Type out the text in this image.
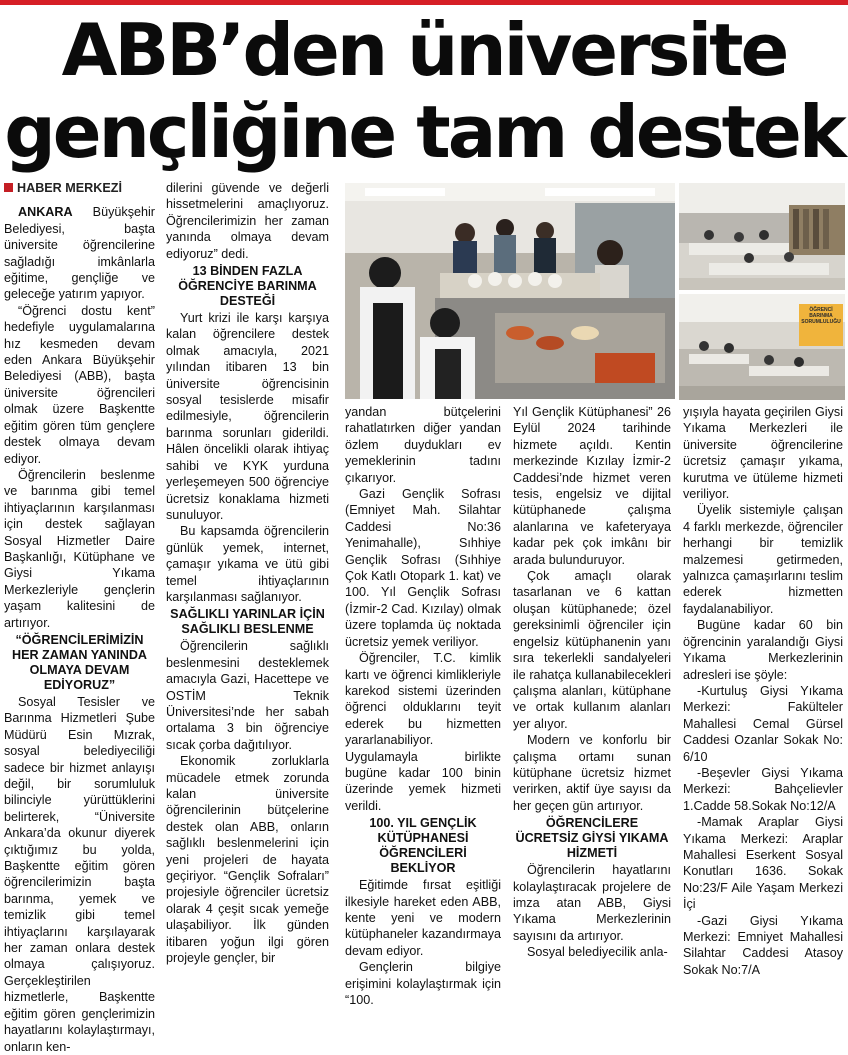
ABB’den üniversite
gençliğine tam destek
HABER MERKEZİ

ANKARA Büyükşehir Belediyesi, başta üniversite öğrencilerine sağladığı imkânlarla eğitime, gençliğe ve geleceğe yatırım yapıyor.

“Öğrenci dostu kent” hedefiyle uygulamalarına hız kesmeden devam eden Ankara Büyükşehir Belediyesi (ABB), başta üniversite öğrencileri olmak üzere Başkentte eğitim gören tüm gençlere destek olmaya devam ediyor.

Öğrencilerin beslenme ve barınma gibi temel ihtiyaçlarının karşılanması için destek sağlayan Sosyal Hizmetler Daire Başkanlığı, Kütüphane ve Giysi Yıkama Merkezleriyle gençlerin yaşam kalitesini de artırıyor.

“ÖĞRENCİLERİMİZİN HER ZAMAN YANINDA OLMAYA DEVAM EDİYORUZ”

Sosyal Tesisler ve Barınma Hizmetleri Şube Müdürü Esin Mızrak, sosyal belediyeciliği sadece bir hizmet anlayışı değil, bir sorumluluk bilinciyle yürüttüklerini belirterek, “Üniversite Ankara’da okunur diyerek çıktığımız bu yolda, Başkentte eğitim gören öğrencilerimizin başta barınma, yemek ve temizlik gibi temel ihtiyaçlarını karşılayarak her zaman onlara destek olmaya çalışıyoruz. Gerçekleştirilen hizmetlerle, Başkentte eğitim gören gençlerimizin hayatlarını kolaylaştırmayı, onların ken-

dilerini güvende ve değerli hissetmelerini amaçlıyoruz. Öğrencilerimizin her zaman yanında olmaya devam ediyoruz” dedi.

13 BİNDEN FAZLA ÖĞRENCİYE BARINMA DESTEĞİ

Yurt krizi ile karşı karşıya kalan öğrencilere destek olmak amacıyla, 2021 yılından itibaren 13 bin üniversite öğrencisinin sosyal tesislerde misafir edilmesiyle, öğrencilerin barınma sorunları giderildi. Hâlen öncelikli olarak ihtiyaç sahibi ve KYK yurduna yerleşemeyen 500 öğrenciye ücretsiz konaklama hizmeti sunuluyor.

Bu kapsamda öğrencilerin günlük yemek, internet, çamaşır yıkama ve ütü gibi temel ihtiyaçlarının karşılanması sağlanıyor.

SAĞLIKLI YARINLAR İÇİN SAĞLIKLI BESLENME

Öğrencilerin sağlıklı beslenmesini desteklemek amacıyla Gazi, Hacettepe ve OSTİM Teknik Üniversitesi’nde her sabah ortalama 3 bin öğrenciye sıcak çorba dağıtılıyor.

Ekonomik zorluklarla mücadele etmek zorunda kalan üniversite öğrencilerinin bütçelerine destek olan ABB, onların sağlıklı beslenmelerini için yeni projeleri de hayata geçiriyor. “Gençlik Sofraları” projesiyle öğrenciler ücretsiz olarak 4 çeşit sıcak yemeğe ulaşabiliyor. İlk günden itibaren yoğun ilgi gören projeyle gençler, bir

ÖĞRENCİ BARINMA SORUMLULUĞU

yandan bütçelerini rahatlatırken diğer yandan özlem duydukları ev yemeklerinin tadını çıkarıyor.

Gazi Gençlik Sofrası (Emniyet Mah. Silahtar Caddesi No:36 Yenimahalle), Sıhhiye Gençlik Sofrası (Sıhhiye Çok Katlı Otopark 1. kat) ve 100. Yıl Gençlik Sofrası (İzmir-2 Cad. Kızılay) olmak üzere toplamda üç noktada ücretsiz yemek veriliyor.

Öğrenciler, T.C. kimlik kartı ve öğrenci kimlikleriyle karekod sistemi üzerinden öğrenci olduklarını teyit ederek bu hizmetten yararlanabiliyor. Uygulamayla birlikte bugüne kadar 100 binin üzerinde yemek hizmeti verildi.

100. YIL GENÇLİK KÜTÜPHANESİ ÖĞRENCİLERİ BEKLİYOR

Eğitimde fırsat eşitliği ilkesiyle hareket eden ABB, kente yeni ve modern kütüphaneler kazandırmaya devam ediyor.

Gençlerin bilgiye erişimini kolaylaştırmak için “100.

Yıl Gençlik Kütüphanesi” 26 Eylül 2024 tarihinde hizmete açıldı. Kentin merkezinde Kızılay İzmir-2 Caddesi’nde hizmet veren tesis, engelsiz ve dijital kütüphanede çalışma alanlarına ve kafeteryaya kadar pek çok imkânı bir arada bulunduruyor.

Çok amaçlı olarak tasarlanan ve 6 kattan oluşan kütüphanede; özel gereksinimli öğrenciler için engelsiz kütüphanenin yanı sıra tekerlekli sandalyeleri ile rahatça kullanabilecekleri çalışma alanları, kütüphane ve ortak kullanım alanları yer alıyor.

Modern ve konforlu bir çalışma ortamı sunan kütüphane ücretsiz hizmet verirken, aktif üye sayısı da her geçen gün artırıyor.

ÖĞRENCİLERE ÜCRETSİZ GİYSİ YIKAMA HİZMETİ

Öğrencilerin hayatlarını kolaylaştıracak projelere de imza atan ABB, Giysi Yıkama Merkezlerinin sayısını da artırıyor.

Sosyal belediyecilik anla-

yışıyla hayata geçirilen Giysi Yıkama Merkezleri ile üniversite öğrencilerine ücretsiz çamaşır yıkama, kurutma ve ütüleme hizmeti veriliyor.

Üyelik sistemiyle çalışan 4 farklı merkezde, öğrenciler herhangi bir temizlik malzemesi getirmeden, yalnızca çamaşırlarını teslim ederek hizmetten faydalanabiliyor.

Bugüne kadar 60 bin öğrencinin yaralandığı Giysi Yıkama Merkezlerinin adresleri ise şöyle:

-Kurtuluş Giysi Yıkama Merkezi: Fakülteler Mahallesi Cemal Gürsel Caddesi Ozanlar Sokak No: 6/10

-Beşevler Giysi Yıkama Merkezi: Bahçelievler 1.Cadde 58.Sokak No:12/A

-Mamak Araplar Giysi Yıkama Merkezi: Araplar Mahallesi Eserkent Sosyal Konutları 1636. Sokak No:23/F Aile Yaşam Merkezi İçi

-Gazi Giysi Yıkama Merkezi: Emniyet Mahallesi Silahtar Caddesi Atasoy Sokak No:7/A
